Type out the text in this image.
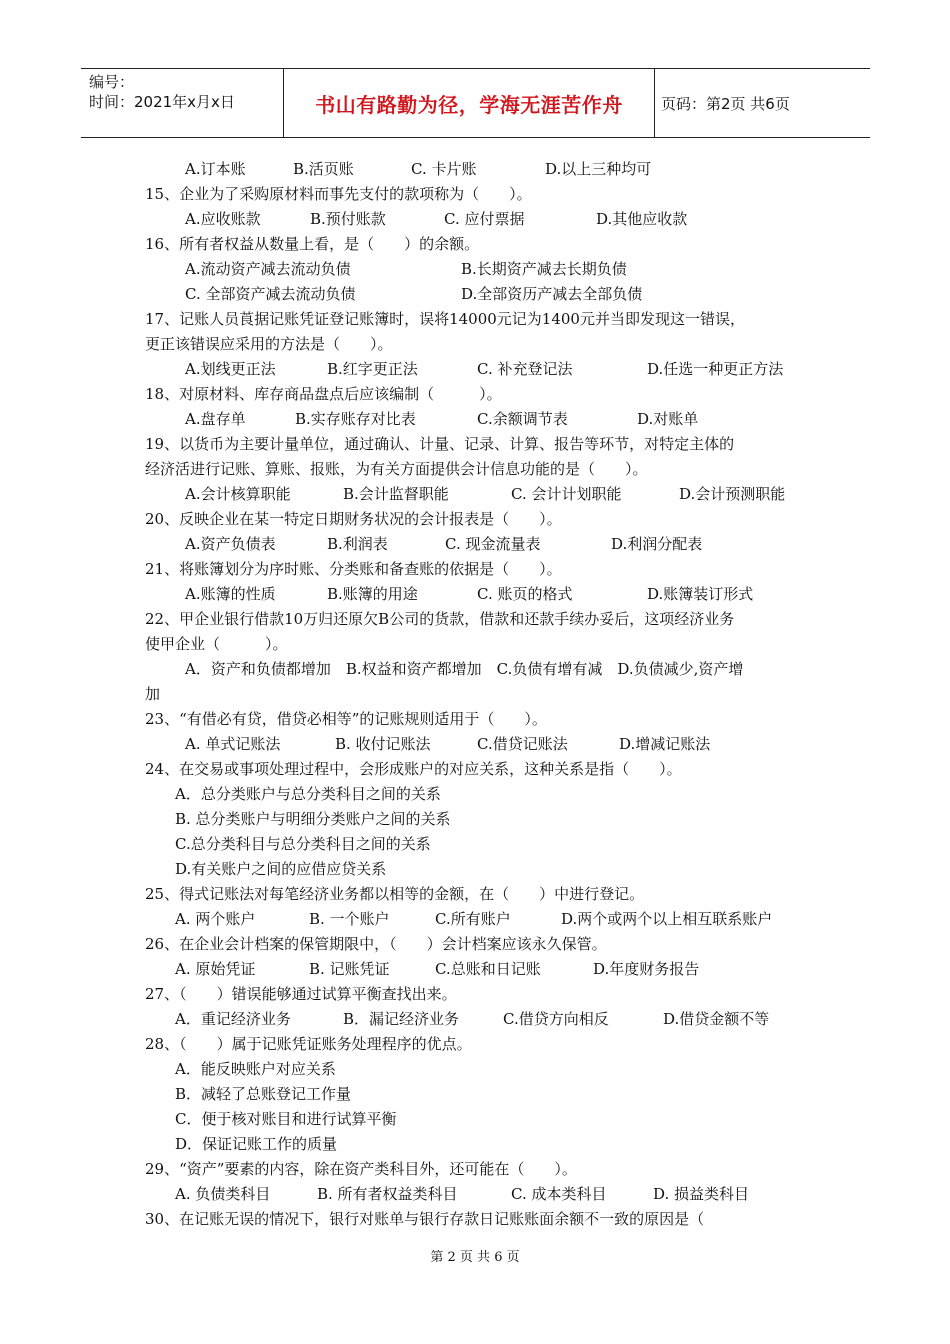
编号：
时间：2021年x月x日	书山有路勤为径，学海无涯苦作舟	页码：第2页 共6页
A.订本账	B.活页账	C. 卡片账	D.以上三种均可
15、企业为了采购原材料而事先支付的款项称为（　　）。
A.应收账款	B.预付账款	C. 应付票据	D.其他应收款
16、所有者权益从数量上看，是（　　）的余额。
A.流动资产减去流动负债	B.长期资产减去长期负债
C. 全部资产减去流动负债	D.全部资历产减去全部负债
17、记账人员莨据记账凭证登记账簿时，误将14000元记为1400元并当即发现这一错误，
更正该错误应采用的方法是（　　）。
A.划线更正法	B.红字更正法	C. 补充登记法	D.任选一种更正方法
18、对原材料、库存商品盘点后应该编制（　　　）。
A.盘存单	B.实存账存对比表	C.余额调节表	D.对账单
19、以货币为主要计量单位，通过确认、计量、记录、计算、报告等环节，对特定主体的
经济活进行记账、算账、报账，为有关方面提供会计信息功能的是（　　）。
A.会计核算职能	B.会计监督职能	C. 会计计划职能	D.会计预测职能
20、反映企业在某一特定日期财务状况的会计报表是（　　）。
A.资产负债表	B.利润表	C. 现金流量表	D.利润分配表
21、将账簿划分为序时账、分类账和备查账的依据是（　　）。
A.账簿的性质	B.账簿的用途	C. 账页的格式	D.账簿装订形式
22、甲企业银行借款10万归还原欠B公司的货款，借款和还款手续办妥后，这项经济业务
使甲企业（　　　）。
A．资产和负债都增加　B.权益和资产都增加　C.负债有增有减　D.负债减少,资产增
加
23、“有借必有贷，借贷必相等”的记账规则适用于（　　）。
A. 单式记账法	B. 收付记账法	C.借贷记账法	D.增减记账法
24、在交易或事项处理过程中，会形成账户的对应关系，这种关系是指（　　）。
A．总分类账户与总分类科目之间的关系
B. 总分类账户与明细分类账户之间的关系
C.总分类科目与总分类科目之间的关系
D.有关账户之间的应借应贷关系
25、得式记账法对每笔经济业务都以相等的金额，在（　　）中进行登记。
A. 两个账户	B. 一个账户	C.所有账户	D.两个或两个以上相互联系账户
26、在企业会计档案的保管期限中，（　　）会计档案应该永久保管。
A. 原始凭证	B. 记账凭证	C.总账和日记账	D.年度财务报告
27、（　　）错误能够通过试算平衡查找出来。
A．重记经济业务	B．漏记经济业务	C.借贷方向相反	D.借贷金额不等
28、（　　）属于记账凭证账务处理程序的优点。
A．能反映账户对应关系
B．减轻了总账登记工作量
C．便于核对账目和进行试算平衡
D．保证记账工作的质量
29、“资产”要素的内容，除在资产类科目外，还可能在（　　）。
A. 负债类科目	B. 所有者权益类科目	C. 成本类科目	D. 损益类科目
30、在记账无误的情况下，银行对账单与银行存款日记账账面余额不一致的原因是（
第 2 页 共 6 页
